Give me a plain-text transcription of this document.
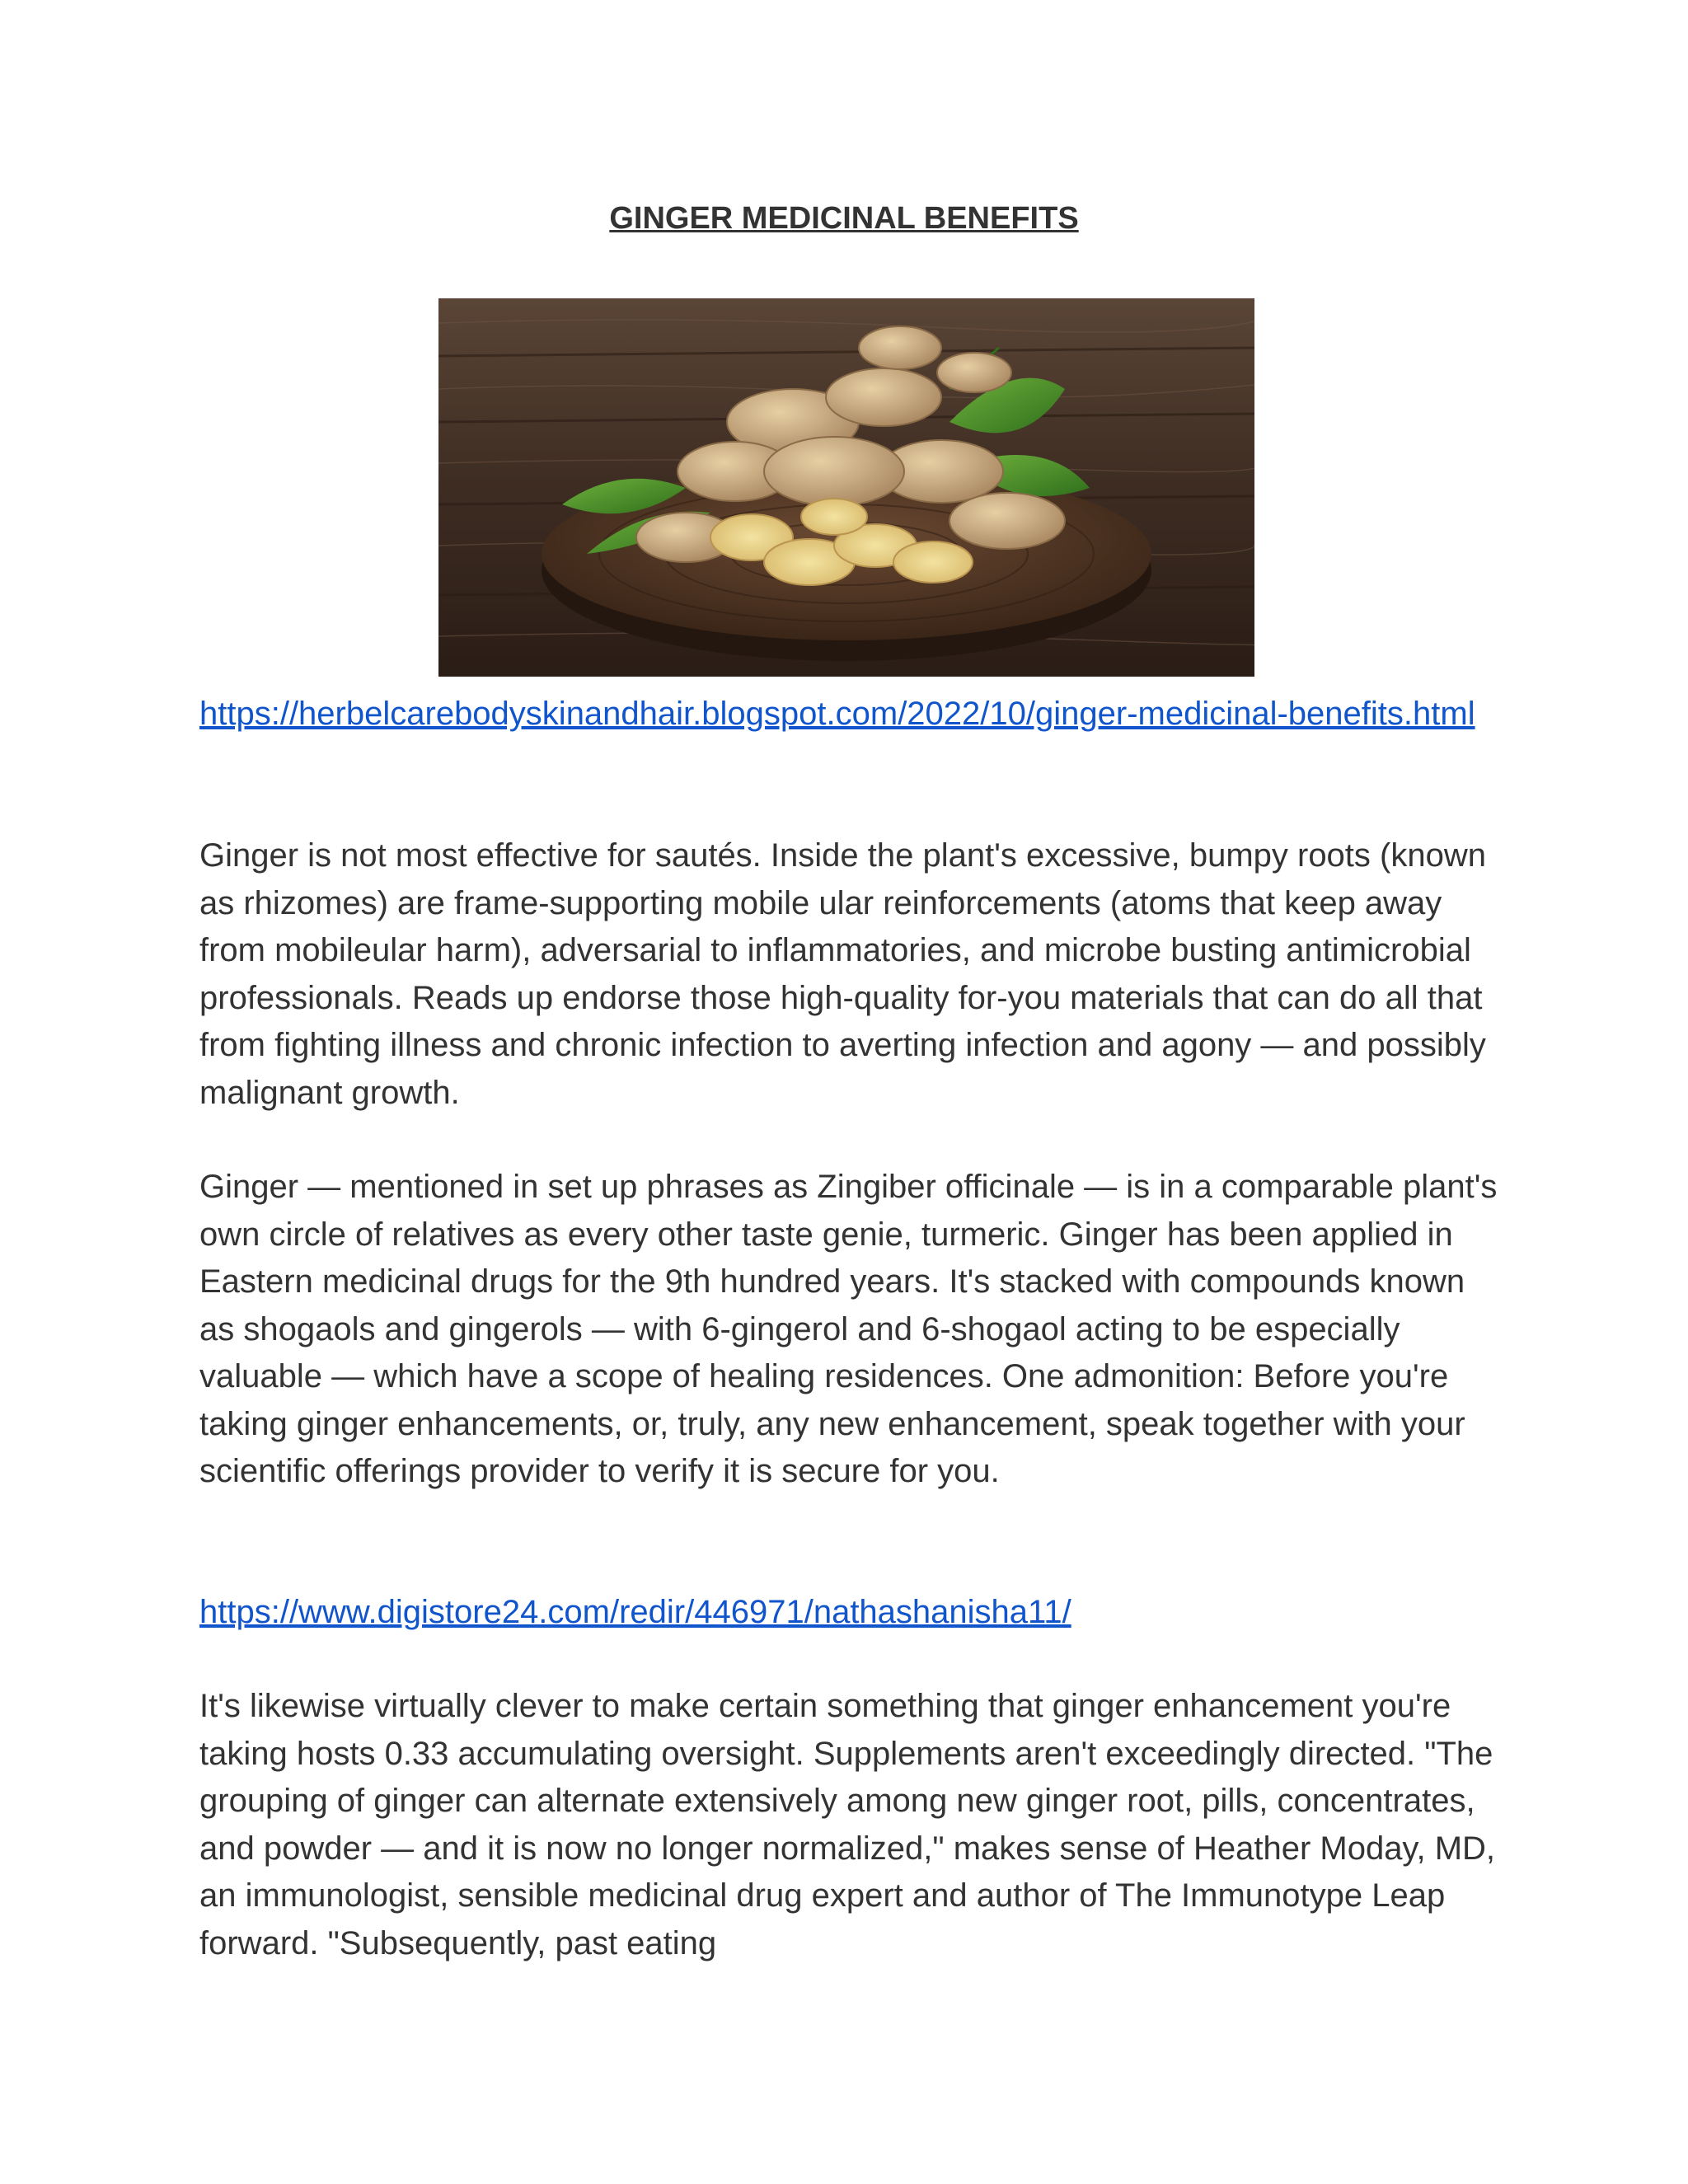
GINGER MEDICINAL BENEFITS

https://herbelcarebodyskinandhair.blogspot.com/2022/10/ginger-medicinal-benefits.html

Ginger is not most effective for sautés. Inside the plant's excessive, bumpy roots (known as rhizomes) are frame-supporting mobile ular reinforcements (atoms that keep away from mobileular harm), adversarial to inflammatories, and microbe busting antimicrobial professionals. Reads up endorse those high-quality for-you materials that can do all that from fighting illness and chronic infection to averting infection and agony — and possibly malignant growth.

Ginger — mentioned in set up phrases as Zingiber officinale — is in a comparable plant's own circle of relatives as every other taste genie, turmeric. Ginger has been applied in Eastern medicinal drugs for the 9th hundred years. It's stacked with compounds known as shogaols and gingerols — with 6-gingerol and 6-shogaol acting to be especially valuable — which have a scope of healing residences. One admonition: Before you're taking ginger enhancements, or, truly, any new enhancement, speak together with your scientific offerings provider to verify it is secure for you.

https://www.digistore24.com/redir/446971/nathashanisha11/

It's likewise virtually clever to make certain something that ginger enhancement you're taking hosts 0.33 accumulating oversight. Supplements aren't exceedingly directed. "The grouping of ginger can alternate extensively among new ginger root, pills, concentrates, and powder — and it is now no longer normalized," makes sense of Heather Moday, MD, an immunologist, sensible medicinal drug expert and author of The Immunotype Leap forward. "Subsequently, past eating
